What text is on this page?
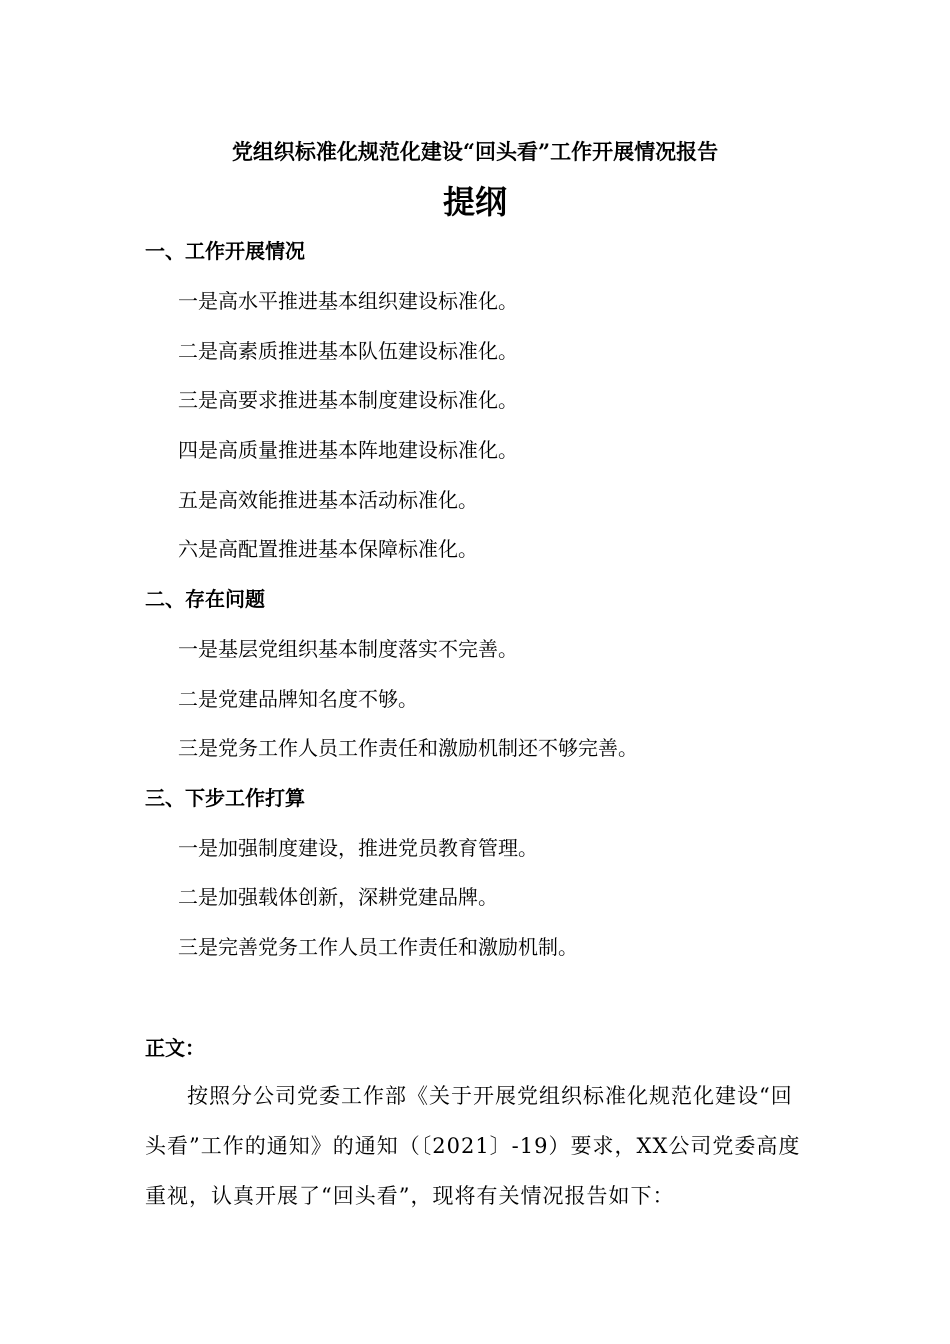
党组织标准化规范化建设“回头看”工作开展情况报告
提纲
一、工作开展情况
一是高水平推进基本组织建设标准化。
二是高素质推进基本队伍建设标准化。
三是高要求推进基本制度建设标准化。
四是高质量推进基本阵地建设标准化。
五是高效能推进基本活动标准化。
六是高配置推进基本保障标准化。
二、存在问题
一是基层党组织基本制度落实不完善。
二是党建品牌知名度不够。
三是党务工作人员工作责任和激励机制还不够完善。
三、下步工作打算
一是加强制度建设，推进党员教育管理。
二是加强载体创新，深耕党建品牌。
三是完善党务工作人员工作责任和激励机制。
正文：
按照分公司党委工作部《关于开展党组织标准化规范化建设“回头看”工作的通知》的通知（〔2021〕-19）要求，XX公司党委高度重视，认真开展了“回头看”，现将有关情况报告如下：
